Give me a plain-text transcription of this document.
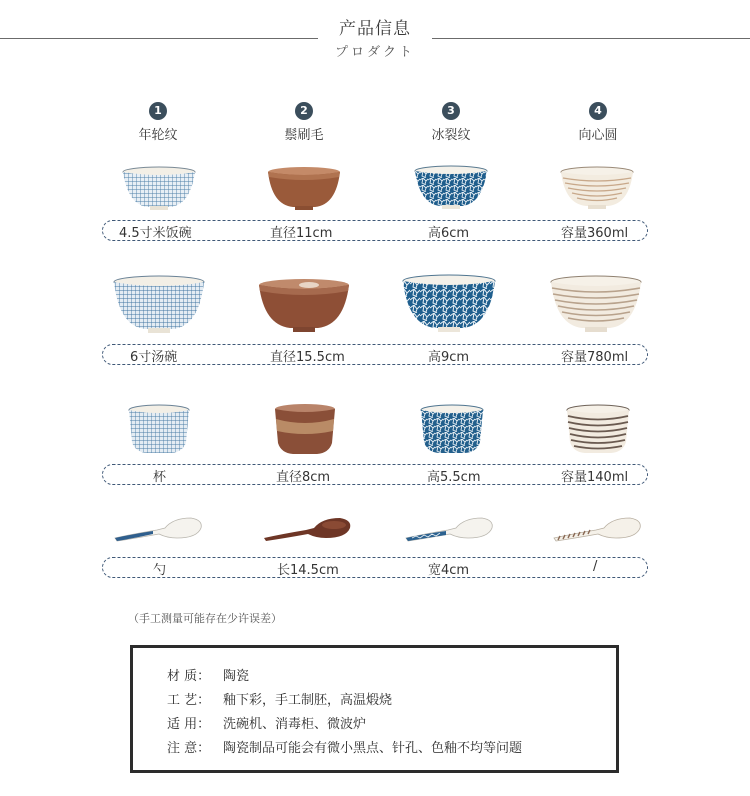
产品信息
プロダクト
1	2	3	4
年轮纹	鬃刷毛	冰裂纹	向心圆
4.5寸米饭碗	直径11cm	高6cm	容量360ml
6寸汤碗	直径15.5cm	高9cm	容量780ml
杯	直径8cm	高5.5cm	容量140ml
勺	长14.5cm	宽4cm	/
（手工测量可能存在少许误差）
材 质： 陶瓷
工 艺： 釉下彩，手工制胚，高温煅烧
适 用： 洗碗机、消毒柜、微波炉
注 意： 陶瓷制品可能会有微小黑点、针孔、色釉不均等问题
